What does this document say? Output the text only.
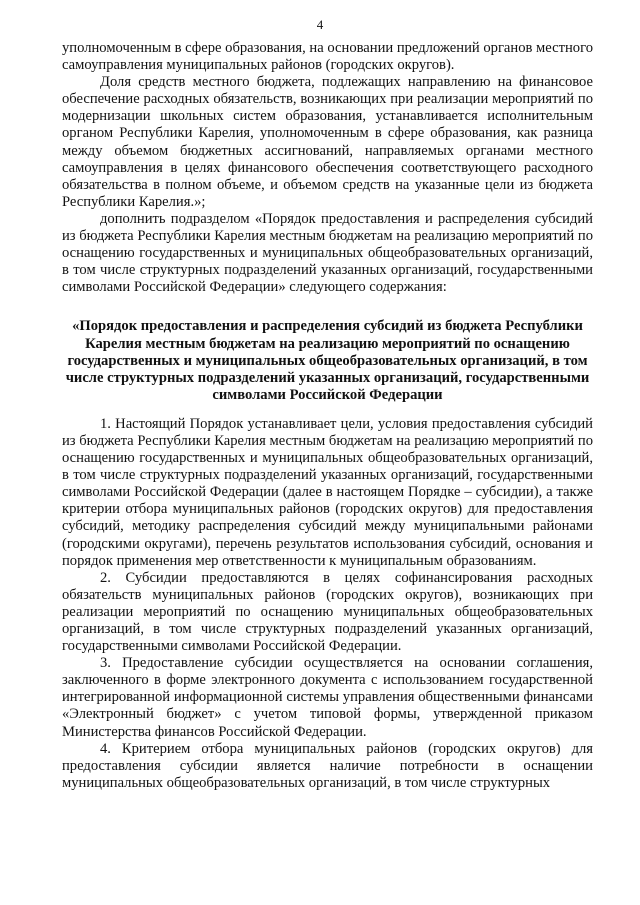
4

уполномоченным в сфере образования, на основании предложений органов местного самоуправления муниципальных районов (городских округов).

Доля средств местного бюджета, подлежащих направлению на финансовое обеспечение расходных обязательств, возникающих при реализации мероприятий по модернизации школьных систем образования, устанавливается исполнительным органом Республики Карелия, уполномоченным в сфере образования, как разница между объемом бюджетных ассигнований, направляемых органами местного самоуправления в целях финансового обеспечения соответствующего расходного обязательства в полном объеме, и объемом средств на указанные цели из бюджета Республики Карелия.»;

дополнить подразделом «Порядок предоставления и распределения субсидий из бюджета Республики Карелия местным бюджетам на реализацию мероприятий по оснащению государственных и муниципальных общеобразовательных организаций, в том числе структурных подразделений указанных организаций, государственными символами Российской Федерации» следующего содержания:

«Порядок предоставления и распределения субсидий из бюджета Республики Карелия местным бюджетам на реализацию мероприятий по оснащению государственных и муниципальных общеобразовательных организаций, в том числе структурных подразделений указанных организаций, государственными символами Российской Федерации

1. Настоящий Порядок устанавливает цели, условия предоставления субсидий из бюджета Республики Карелия местным бюджетам на реализацию мероприятий по оснащению государственных и муниципальных общеобразовательных организаций, в том числе структурных подразделений указанных организаций, государственными символами Российской Федерации (далее в настоящем Порядке – субсидии), а также критерии отбора муниципальных районов (городских округов) для предоставления субсидий, методику распределения субсидий между муниципальными районами (городскими округами), перечень результатов использования субсидий, основания и порядок применения мер ответственности к муниципальным образованиям.

2. Субсидии предоставляются в целях софинансирования расходных обязательств муниципальных районов (городских округов), возникающих при реализации мероприятий по оснащению муниципальных общеобразовательных организаций, в том числе структурных подразделений указанных организаций, государственными символами Российской Федерации.

3. Предоставление субсидии осуществляется на основании соглашения, заключенного в форме электронного документа с использованием государственной интегрированной информационной системы управления общественными финансами «Электронный бюджет» с учетом типовой формы, утвержденной приказом Министерства финансов Российской Федерации.

4. Критерием отбора муниципальных районов (городских округов) для предоставления субсидии является наличие потребности в оснащении муниципальных общеобразовательных организаций, в том числе структурных
